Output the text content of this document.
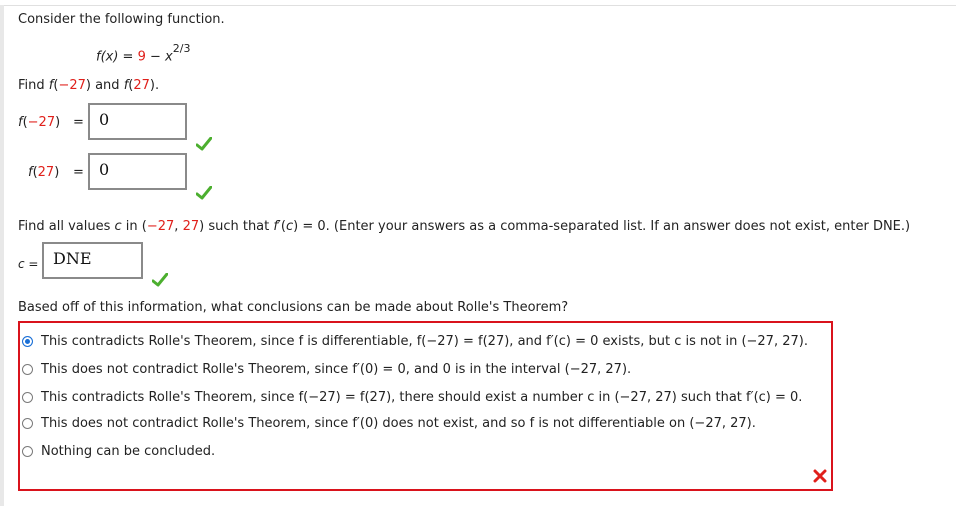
Consider the following function.
$f(x) = 9 - x^{2/3}$
Find f(−27) and f(27).
f(−27) = 0
f(27) = 0
Find all values c in (−27, 27) such that f′(c) = 0. (Enter your answers as a comma-separated list. If an answer does not exist, enter DNE.)
c = DNE
Based off of this information, what conclusions can be made about Rolle's Theorem?
This contradicts Rolle's Theorem, since f is differentiable, f(−27) = f(27), and f′(c) = 0 exists, but c is not in (−27, 27).
This does not contradict Rolle's Theorem, since f′(0) = 0, and 0 is in the interval (−27, 27).
This contradicts Rolle's Theorem, since f(−27) = f(27), there should exist a number c in (−27, 27) such that f′(c) = 0.
This does not contradict Rolle's Theorem, since f′(0) does not exist, and so f is not differentiable on (−27, 27).
Nothing can be concluded.
